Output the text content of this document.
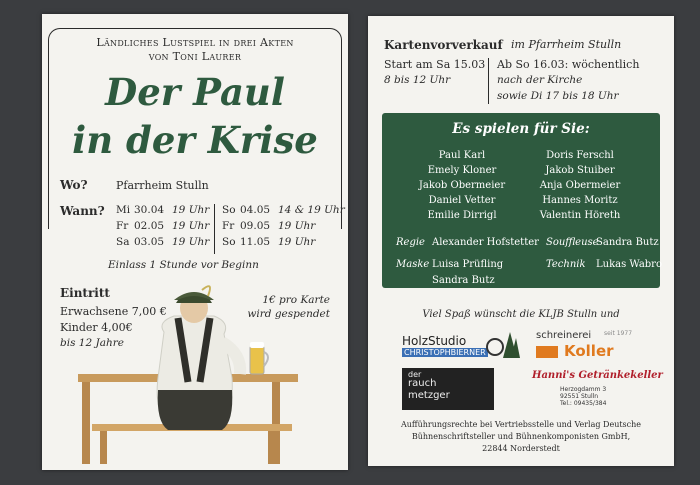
Ländliches Lustspiel in drei Akten
von Toni Laurer
Der Paul
in der Krise
Wo?	Pfarrheim Stulln
Wann? Mi 30.04 19 Uhr
Fr 02.05 19 Uhr
Sa 03.05 19 Uhr
So 04.05 14 & 19 Uhr
Fr 09.05 19 Uhr
So 11.05 19 Uhr
Einlass 1 Stunde vor Beginn
Eintritt
Erwachsene 7,00 €
Kinder 4,00€
bis 12 Jahre
1€ pro Karte
wird gespendet
Kartenvorverkauf im Pfarrheim Stulln
Start am Sa 15.03
8 bis 12 Uhr
Ab So 16.03: wöchentlich
nach der Kirche
sowie Di 17 bis 18 Uhr
Es spielen für Sie:
Paul Karl
Emely Kloner
Jakob Obermeier
Daniel Vetter
Emilie Dirrigl
Doris Ferschl
Jakob Stuiber
Anja Obermeier
Hannes Moritz
Valentin Höreth
Regie Alexander Hofstetter Souffleuse
Sandra Butz
Maske Luisa Prüfling
Sandra Butz
Technik Lukas Wabro
Viel Spaß wünscht die KLJB Stulln und
HolzStudio
CHRISTOPHBIERNER
schreinerei seit 1977
Koller
der
rauch
metzger
Hanni's Getränkekeller
Herzogdamm 3
92551 Stulln
Tel.: 09435/384
Aufführungsrechte bei Vertriebsstelle und Verlag Deutsche
Bühnenschriftsteller und Bühnenkomponisten GmbH,
22844 Norderstedt
